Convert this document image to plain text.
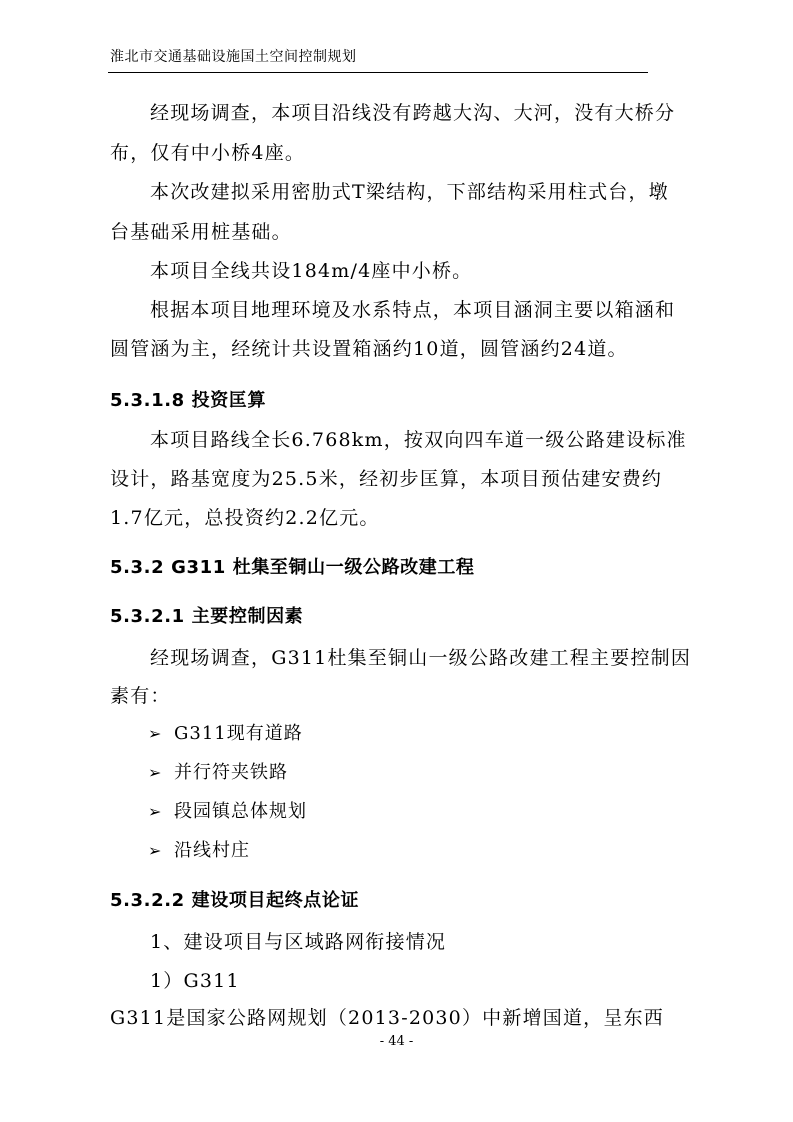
淮北市交通基础设施国土空间控制规划
经现场调查，本项目沿线没有跨越大沟、大河，没有大桥分
布，仅有中小桥4座。
本次改建拟采用密肋式T梁结构，下部结构采用柱式台，墩
台基础采用桩基础。
本项目全线共设184m/4座中小桥。
根据本项目地理环境及水系特点，本项目涵洞主要以箱涵和
圆管涵为主，经统计共设置箱涵约10道，圆管涵约24道。
5.3.1.8 投资匡算
本项目路线全长6.768km，按双向四车道一级公路建设标准
设计，路基宽度为25.5米，经初步匡算，本项目预估建安费约
1.7亿元，总投资约2.2亿元。
5.3.2 G311 杜集至铜山一级公路改建工程
5.3.2.1 主要控制因素
经现场调查，G311杜集至铜山一级公路改建工程主要控制因
素有：
➢ G311现有道路
➢ 并行符夹铁路
➢ 段园镇总体规划
➢ 沿线村庄
5.3.2.2 建设项目起终点论证
1、建设项目与区域路网衔接情况
1）G311
G311是国家公路网规划（2013-2030）中新增国道，呈东西
- 44 -
